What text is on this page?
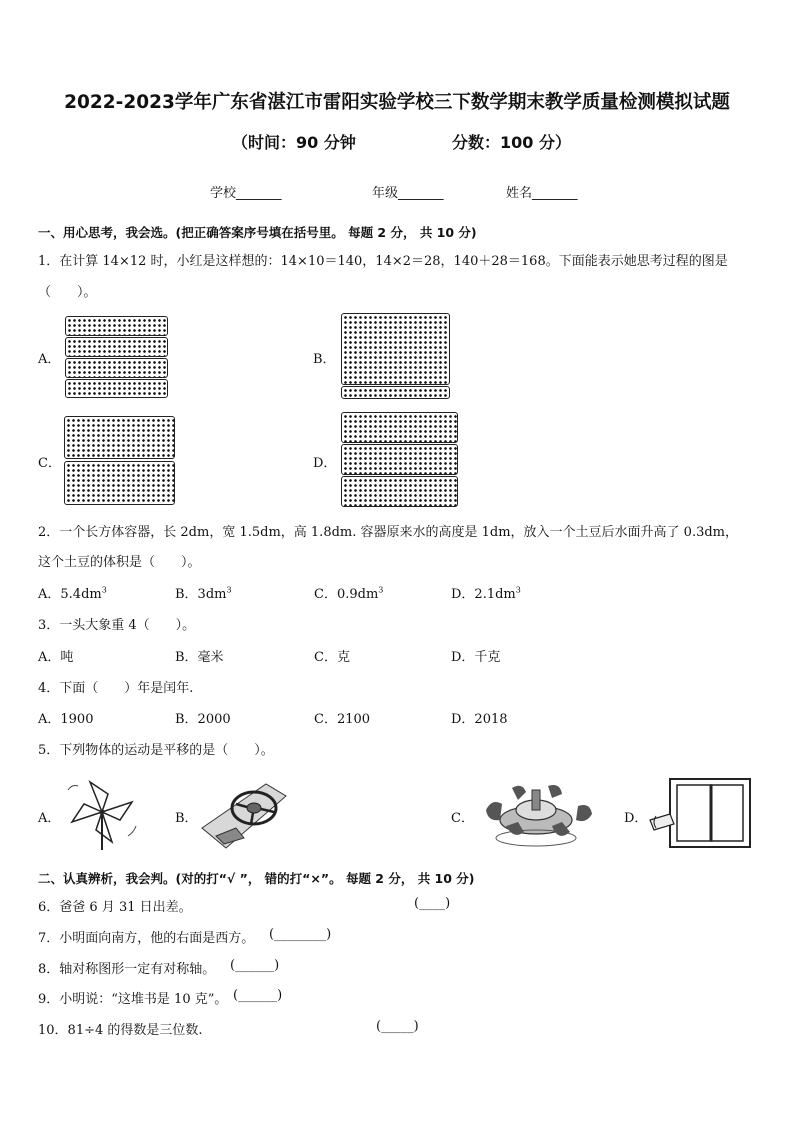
2022-2023学年广东省湛江市雷阳实验学校三下数学期末教学质量检测模拟试题
（时间：90 分钟	分数：100 分）
学校_______	年级_______	姓名_______
一、用心思考，我会选。(把正确答案序号填在括号里。 每题 2 分， 共 10 分)
1．在计算 14×12 时，小红是这样想的：14×10＝140，14×2＝28，140＋28＝168。下面能表示她思考过程的图是
（　　）。
A．	B．
C．	D．
2．一个长方体容器，长 2dm，宽 1.5dm，高 1.8dm. 容器原来水的高度是 1dm，放入一个土豆后水面升高了 0.3dm，
这个土豆的体积是（　　）。
A．$5.4dm^3$	B．$3dm^3$	C．$0.9dm^3$	D．$2.1dm^3$
3．一头大象重 4（　　）。
A．吨	B．毫米	C．克	D．千克
4．下面（　　）年是闰年.
A．1900	B．2000	C．2100	D．2018
5．下列物体的运动是平移的是（　　）。
A．	B．	C．	D．
二、认真辨析，我会判。(对的打“√ ”， 错的打“×”。 每题 2 分， 共 10 分)
6．爸爸 6 月 31 日出差。	(____)
7．小明面向南方，他的右面是西方。 (________)
8．轴对称图形一定有对称轴。 (______)
9．小明说：“这堆书是 10 克”。 (______)
10．81÷4 的得数是三位数.	(_____)
